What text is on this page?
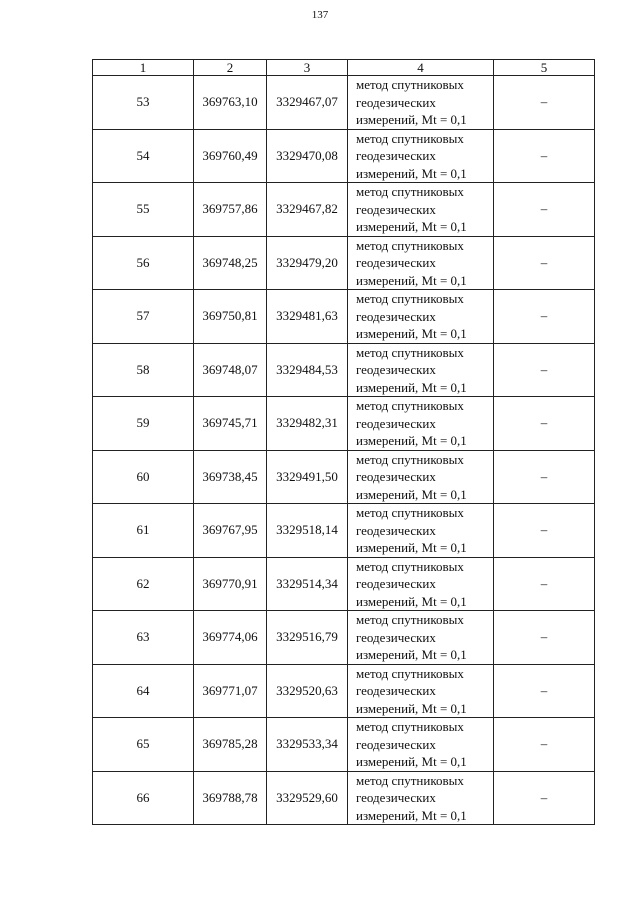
137
1	2	3	4	5
53	369763,10	3329467,07	метод спутниковых
геодезических
измерений, Mt = 0,1	–
54	369760,49	3329470,08	метод спутниковых
геодезических
измерений, Mt = 0,1	–
55	369757,86	3329467,82	метод спутниковых
геодезических
измерений, Mt = 0,1	–
56	369748,25	3329479,20	метод спутниковых
геодезических
измерений, Mt = 0,1	–
57	369750,81	3329481,63	метод спутниковых
геодезических
измерений, Mt = 0,1	–
58	369748,07	3329484,53	метод спутниковых
геодезических
измерений, Mt = 0,1	–
59	369745,71	3329482,31	метод спутниковых
геодезических
измерений, Mt = 0,1	–
60	369738,45	3329491,50	метод спутниковых
геодезических
измерений, Mt = 0,1	–
61	369767,95	3329518,14	метод спутниковых
геодезических
измерений, Mt = 0,1	–
62	369770,91	3329514,34	метод спутниковых
геодезических
измерений, Mt = 0,1	–
63	369774,06	3329516,79	метод спутниковых
геодезических
измерений, Mt = 0,1	–
64	369771,07	3329520,63	метод спутниковых
геодезических
измерений, Mt = 0,1	–
65	369785,28	3329533,34	метод спутниковых
геодезических
измерений, Mt = 0,1	–
66	369788,78	3329529,60	метод спутниковых
геодезических
измерений, Mt = 0,1	–
